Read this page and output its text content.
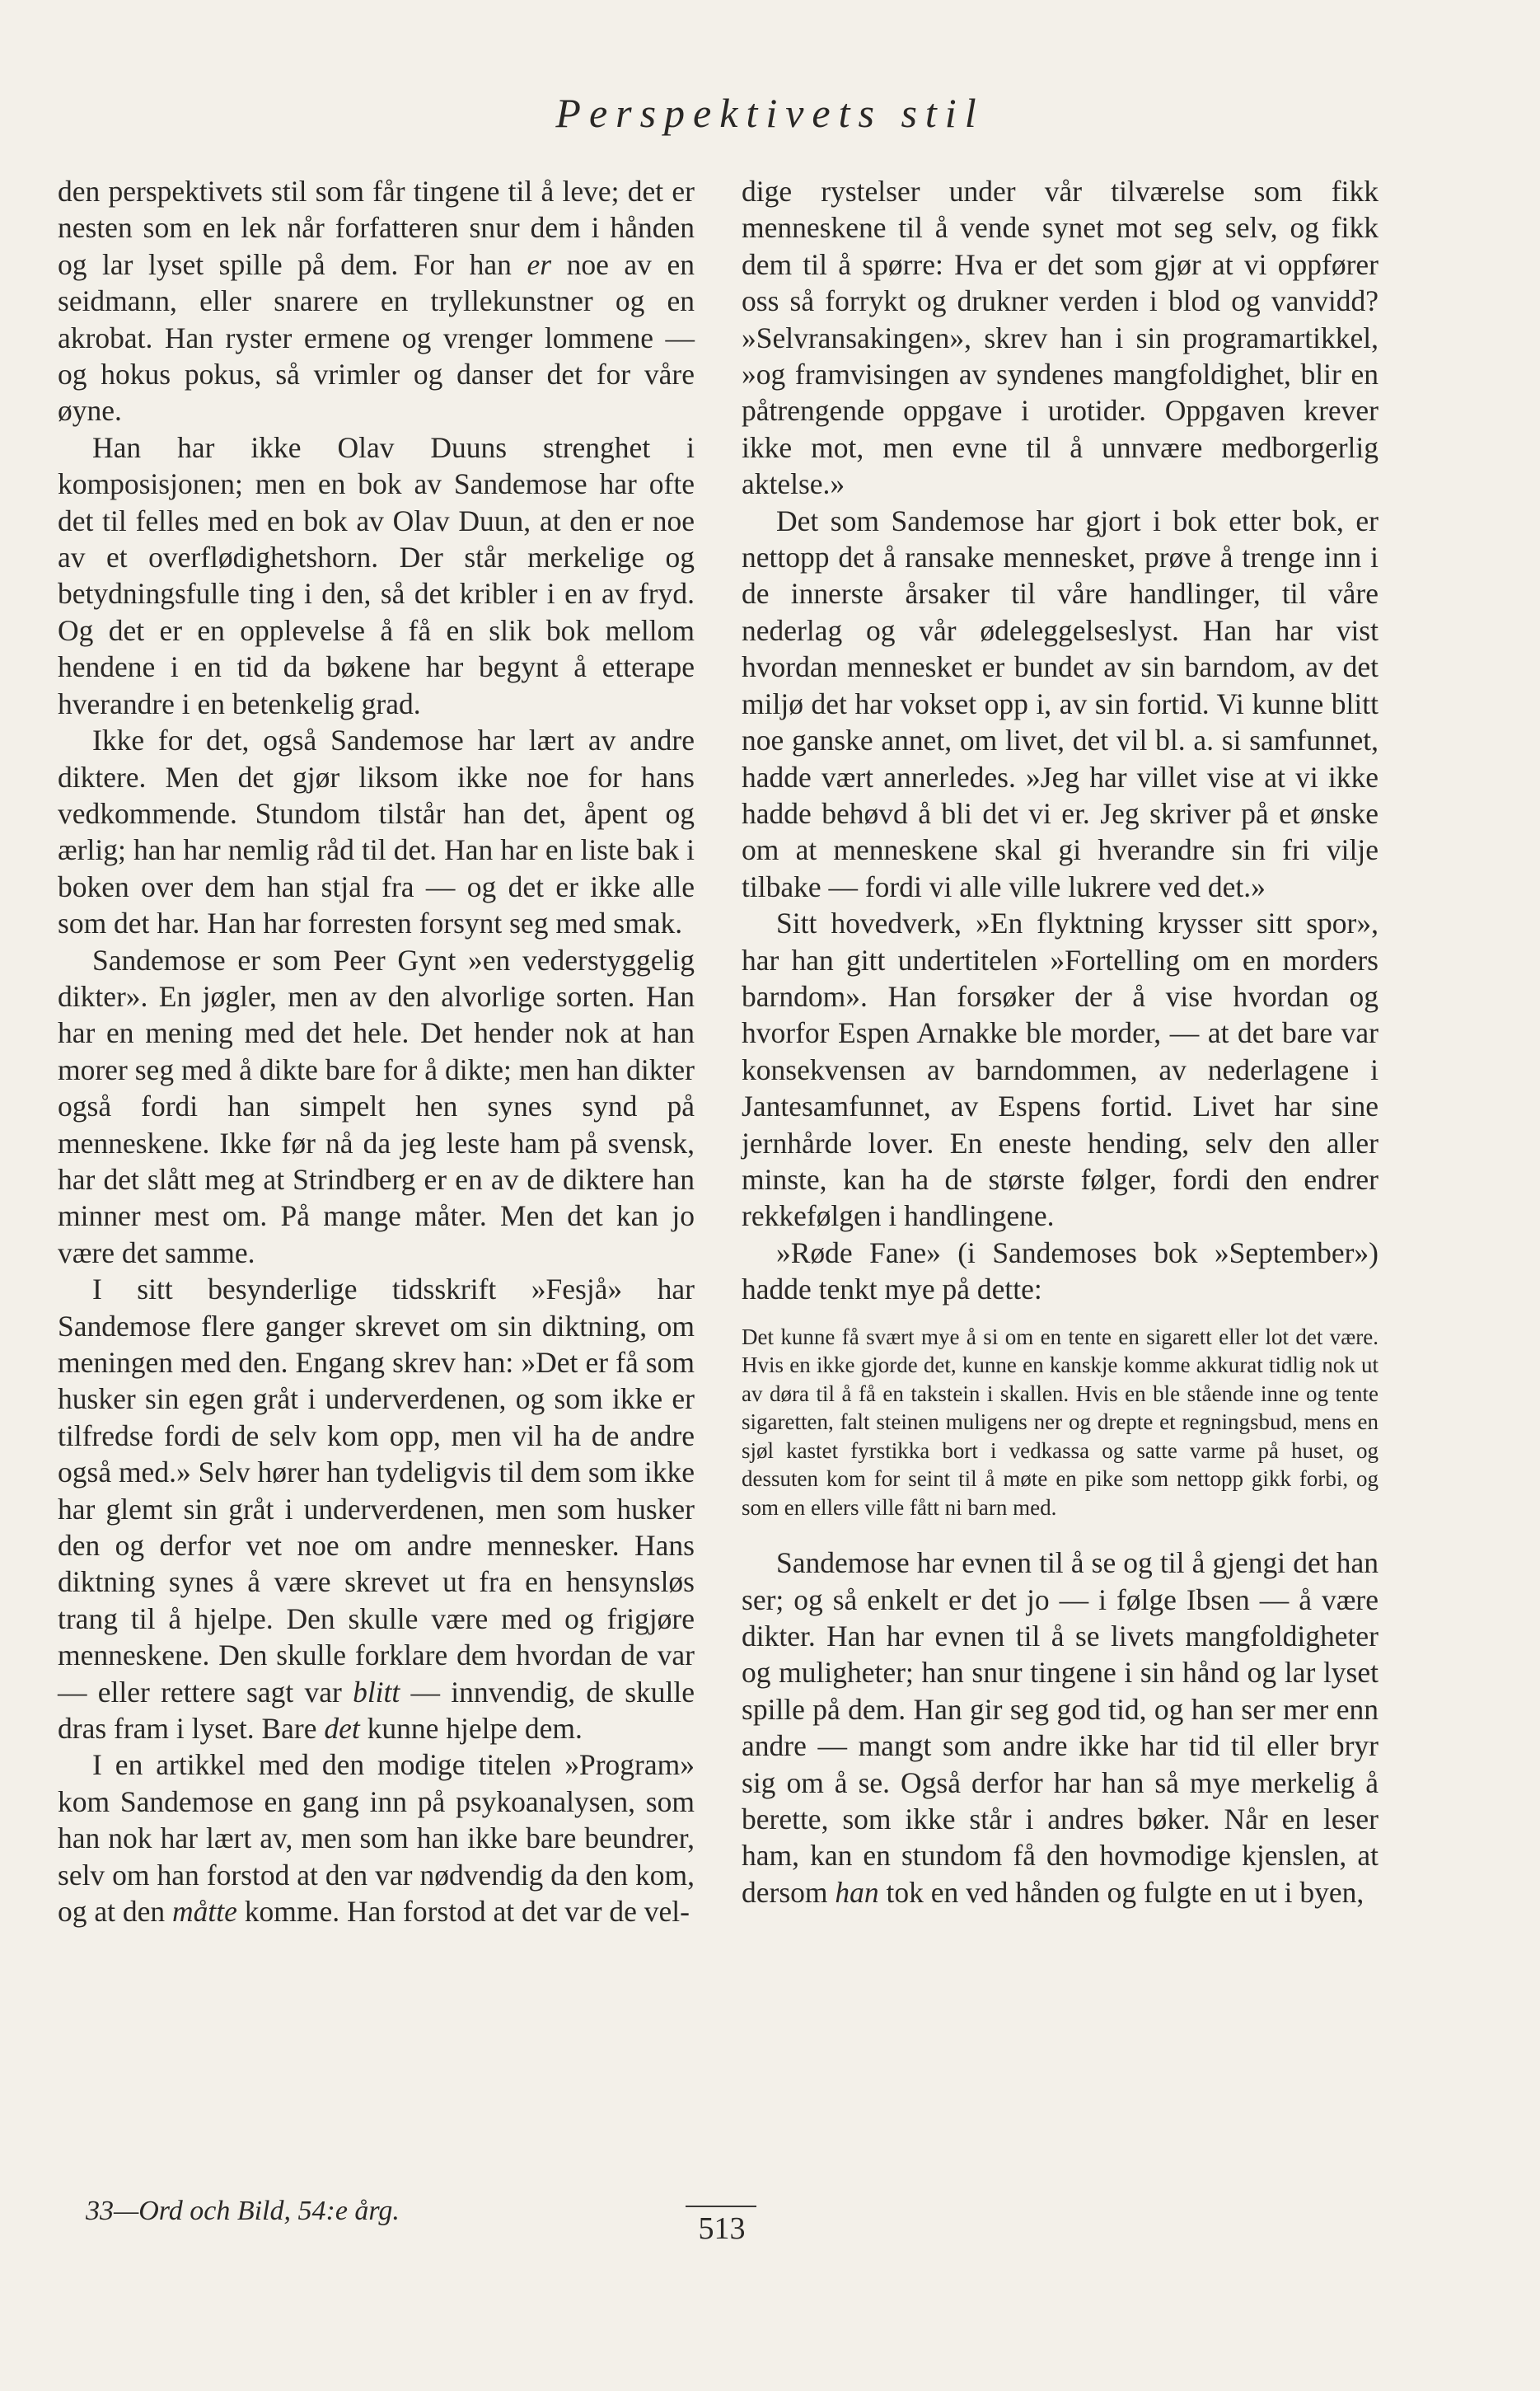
Perspektivets stil

den perspektivets stil som får tingene til å leve; det er nesten som en lek når forfatteren snur dem i hånden og lar lyset spille på dem. For han er noe av en seidmann, eller snarere en tryllekunstner og en akrobat. Han ryster ermene og vrenger lommene — og hokus pokus, så vrimler og danser det for våre øyne.

Han har ikke Olav Duuns strenghet i komposisjonen; men en bok av Sandemose har ofte det til felles med en bok av Olav Duun, at den er noe av et overflødighetshorn. Der står merkelige og betydningsfulle ting i den, så det kribler i en av fryd. Og det er en opplevelse å få en slik bok mellom hendene i en tid da bøkene har begynt å etterape hverandre i en betenkelig grad.

Ikke for det, også Sandemose har lært av andre diktere. Men det gjør liksom ikke noe for hans vedkommende. Stundom tilstår han det, åpent og ærlig; han har nemlig råd til det. Han har en liste bak i boken over dem han stjal fra — og det er ikke alle som det har. Han har forresten forsynt seg med smak.

Sandemose er som Peer Gynt »en vederstyggelig dikter». En jøgler, men av den alvorlige sorten. Han har en mening med det hele. Det hender nok at han morer seg med å dikte bare for å dikte; men han dikter også fordi han simpelt hen synes synd på menneskene. Ikke før nå da jeg leste ham på svensk, har det slått meg at Strindberg er en av de diktere han minner mest om. På mange måter. Men det kan jo være det samme.

I sitt besynderlige tidsskrift »Fesjå» har Sandemose flere ganger skrevet om sin diktning, om meningen med den. Engang skrev han: »Det er få som husker sin egen gråt i underverdenen, og som ikke er tilfredse fordi de selv kom opp, men vil ha de andre også med.» Selv hører han tydeligvis til dem som ikke har glemt sin gråt i underverdenen, men som husker den og derfor vet noe om andre mennesker. Hans diktning synes å være skrevet ut fra en hensynsløs trang til å hjelpe. Den skulle være med og frigjøre menneskene. Den skulle forklare dem hvordan de var — eller rettere sagt var blitt — innvendig, de skulle dras fram i lyset. Bare det kunne hjelpe dem.

I en artikkel med den modige titelen »Program» kom Sandemose en gang inn på psykoanalysen, som han nok har lært av, men som han ikke bare beundrer, selv om han forstod at den var nødvendig da den kom, og at den måtte komme. Han forstod at det var de vel-

dige rystelser under vår tilværelse som fikk menneskene til å vende synet mot seg selv, og fikk dem til å spørre: Hva er det som gjør at vi oppfører oss så forrykt og drukner verden i blod og vanvidd? »Selvransakingen», skrev han i sin programartikkel, »og framvisingen av syndenes mangfoldighet, blir en påtrengende oppgave i urotider. Oppgaven krever ikke mot, men evne til å unnvære medborgerlig aktelse.»

Det som Sandemose har gjort i bok etter bok, er nettopp det å ransake mennesket, prøve å trenge inn i de innerste årsaker til våre handlinger, til våre nederlag og vår ødeleggelseslyst. Han har vist hvordan mennesket er bundet av sin barndom, av det miljø det har vokset opp i, av sin fortid. Vi kunne blitt noe ganske annet, om livet, det vil bl. a. si samfunnet, hadde vært annerledes. »Jeg har villet vise at vi ikke hadde behøvd å bli det vi er. Jeg skriver på et ønske om at menneskene skal gi hverandre sin fri vilje tilbake — fordi vi alle ville lukrere ved det.»

Sitt hovedverk, »En flyktning krysser sitt spor», har han gitt undertitelen »Fortelling om en morders barndom». Han forsøker der å vise hvordan og hvorfor Espen Arnakke ble morder, — at det bare var konsekvensen av barndommen, av nederlagene i Jantesamfunnet, av Espens fortid. Livet har sine jernhårde lover. En eneste hending, selv den aller minste, kan ha de største følger, fordi den endrer rekkefølgen i handlingene.

»Røde Fane» (i Sandemoses bok »September») hadde tenkt mye på dette:

Det kunne få svært mye å si om en tente en sigarett eller lot det være. Hvis en ikke gjorde det, kunne en kanskje komme akkurat tidlig nok ut av døra til å få en takstein i skallen. Hvis en ble stående inne og tente sigaretten, falt steinen muligens ner og drepte et regningsbud, mens en sjøl kastet fyrstikka bort i vedkassa og satte varme på huset, og dessuten kom for seint til å møte en pike som nettopp gikk forbi, og som en ellers ville fått ni barn med.

Sandemose har evnen til å se og til å gjengi det han ser; og så enkelt er det jo — i følge Ibsen — å være dikter. Han har evnen til å se livets mangfoldigheter og muligheter; han snur tingene i sin hånd og lar lyset spille på dem. Han gir seg god tid, og han ser mer enn andre — mangt som andre ikke har tid til eller bryr sig om å se. Også derfor har han så mye merkelig å berette, som ikke står i andres bøker. Når en leser ham, kan en stundom få den hovmodige kjenslen, at dersom han tok en ved hånden og fulgte en ut i byen,

33—Ord och Bild, 54:e årg.
513
